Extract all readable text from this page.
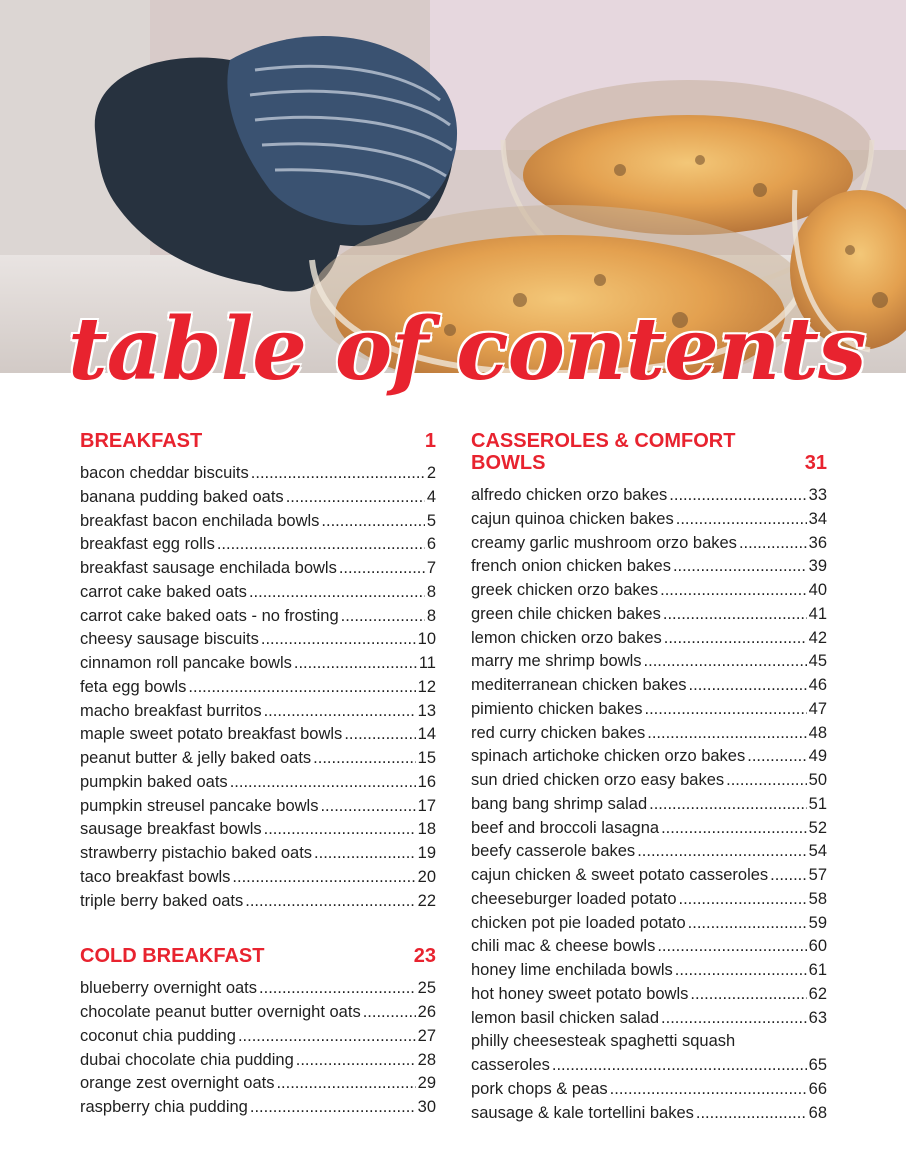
table of contents
BREAKFAST	1
bacon cheddar biscuits .....	2
banana pudding baked oats .....	4
breakfast bacon enchilada bowls .....	5
breakfast egg rolls .....	6
breakfast sausage enchilada bowls .....	7
carrot cake baked oats .....	8
carrot cake baked oats - no frosting .....	8
cheesy sausage biscuits .....	10
cinnamon roll pancake bowls .....	11
feta egg bowls .....	12
macho breakfast burritos .....	13
maple sweet potato breakfast bowls .....	14
peanut butter & jelly baked oats .....	15
pumpkin baked oats .....	16
pumpkin streusel pancake bowls .....	17
sausage breakfast bowls .....	18
strawberry pistachio baked oats .....	19
taco breakfast bowls .....	20
triple berry baked oats .....	22
COLD BREAKFAST	23
blueberry overnight oats .....	25
chocolate peanut butter overnight oats .....	26
coconut chia pudding .....	27
dubai chocolate chia pudding .....	28
orange zest overnight oats .....	29
raspberry chia pudding .....	30
CASSEROLES & COMFORT BOWLS	31
alfredo chicken orzo bakes .....	33
cajun quinoa chicken bakes .....	34
creamy garlic mushroom orzo bakes .....	36
french onion chicken bakes .....	39
greek chicken orzo bakes .....	40
green chile chicken bakes .....	41
lemon chicken orzo bakes .....	42
marry me shrimp bowls .....	45
mediterranean chicken bakes .....	46
pimiento chicken bakes .....	47
red curry chicken bakes .....	48
spinach artichoke chicken orzo bakes .....	49
sun dried chicken orzo easy bakes .....	50
bang bang shrimp salad .....	51
beef and broccoli lasagna .....	52
beefy casserole bakes .....	54
cajun chicken & sweet potato casseroles ..... 57
cheeseburger loaded potato .....	58
chicken pot pie loaded potato .....	59
chili mac & cheese bowls .....	60
honey lime enchilada bowls .....	61
hot honey sweet potato bowls .....	62
lemon basil chicken salad .....	63
philly cheesesteak spaghetti squash
casseroles .....	65
pork chops & peas .....	66
sausage & kale tortellini bakes .....	68
